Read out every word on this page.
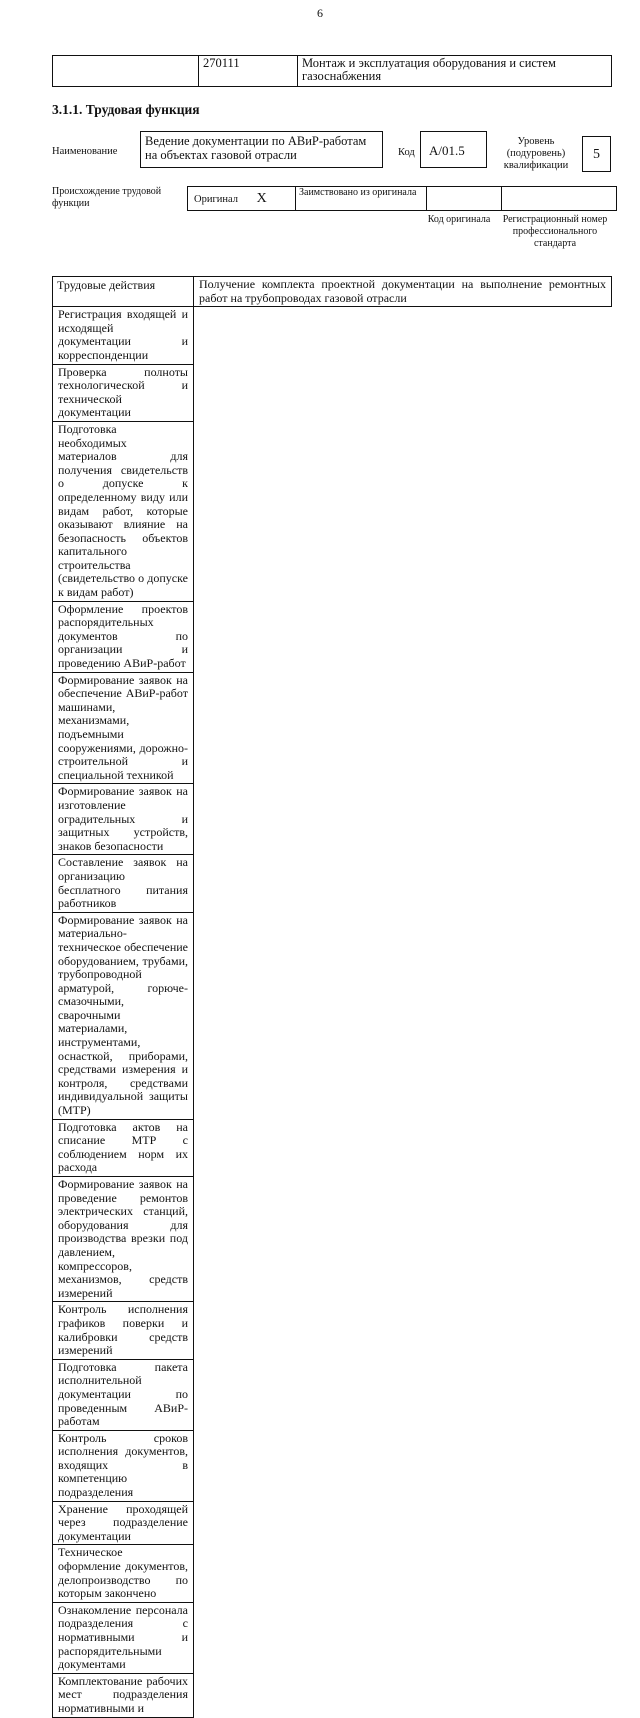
6
	270111	Монтаж и эксплуатация оборудования и систем газоснабжения
3.1.1. Трудовая функция
Наименование
Ведение документации по АВиР-работам на объектах газовой отрасли	Код	A/01.5
Уровень (подуровень) квалификации
5
Происхождение трудовой функции	Оригинал X	Заимствовано из оригинала		
Код оригинала Регистрационный номер профессионального стандарта
Трудовые действия	Получение комплекта проектной документации на выполнение ремонтных работ на трубопроводах газовой отрасли
Регистрация входящей и исходящей документации и корреспонденции
Проверка полноты технологической и технической документации
Подготовка необходимых материалов для получения свидетельств о допуске к определенному виду или видам работ, которые оказывают влияние на безопасность объектов капитального строительства (свидетельство о допуске к видам работ)
Оформление проектов распорядительных документов по организации и проведению АВиР-работ
Формирование заявок на обеспечение АВиР-работ машинами, механизмами, подъемными сооружениями, дорожно-строительной и специальной техникой
Формирование заявок на изготовление оградительных и защитных устройств, знаков безопасности
Составление заявок на организацию бесплатного питания работников
Формирование заявок на материально-техническое обеспечение оборудованием, трубами, трубопроводной арматурой, горюче-смазочными, сварочными материалами, инструментами, оснасткой, приборами, средствами измерения и контроля, средствами индивидуальной защиты (МТР)
Подготовка актов на списание МТР с соблюдением норм их расхода
Формирование заявок на проведение ремонтов электрических станций, оборудования для производства врезки под давлением, компрессоров, механизмов, средств измерений
Контроль исполнения графиков поверки и калибровки средств измерений
Подготовка пакета исполнительной документации по проведенным АВиР-работам
Контроль сроков исполнения документов, входящих в компетенцию подразделения
Хранение проходящей через подразделение документации
Техническое оформление документов, делопроизводство по которым закончено
Ознакомление персонала подразделения с нормативными и распорядительными документами
Комплектование рабочих мест подразделения нормативными и
